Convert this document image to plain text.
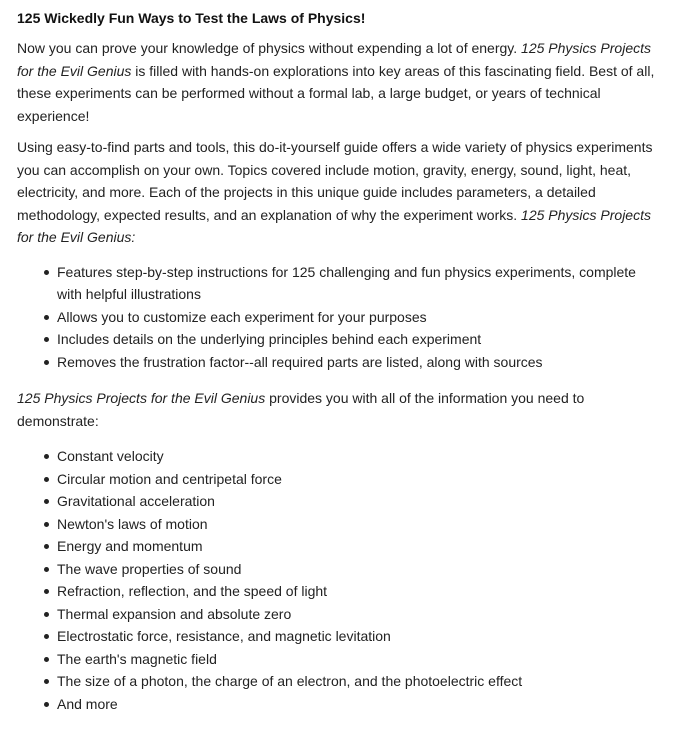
125 Wickedly Fun Ways to Test the Laws of Physics!

Now you can prove your knowledge of physics without expending a lot of energy. 125 Physics Projects for the Evil Genius is filled with hands-on explorations into key areas of this fascinating field. Best of all, these experiments can be performed without a formal lab, a large budget, or years of technical experience!

Using easy-to-find parts and tools, this do-it-yourself guide offers a wide variety of physics experiments you can accomplish on your own. Topics covered include motion, gravity, energy, sound, light, heat, electricity, and more. Each of the projects in this unique guide includes parameters, a detailed methodology, expected results, and an explanation of why the experiment works. 125 Physics Projects for the Evil Genius:

Features step-by-step instructions for 125 challenging and fun physics experiments, complete with helpful illustrations
Allows you to customize each experiment for your purposes
Includes details on the underlying principles behind each experiment
Removes the frustration factor--all required parts are listed, along with sources

125 Physics Projects for the Evil Genius provides you with all of the information you need to demonstrate:

Constant velocity
Circular motion and centripetal force
Gravitational acceleration
Newton's laws of motion
Energy and momentum
The wave properties of sound
Refraction, reflection, and the speed of light
Thermal expansion and absolute zero
Electrostatic force, resistance, and magnetic levitation
The earth's magnetic field
The size of a photon, the charge of an electron, and the photoelectric effect
And more
